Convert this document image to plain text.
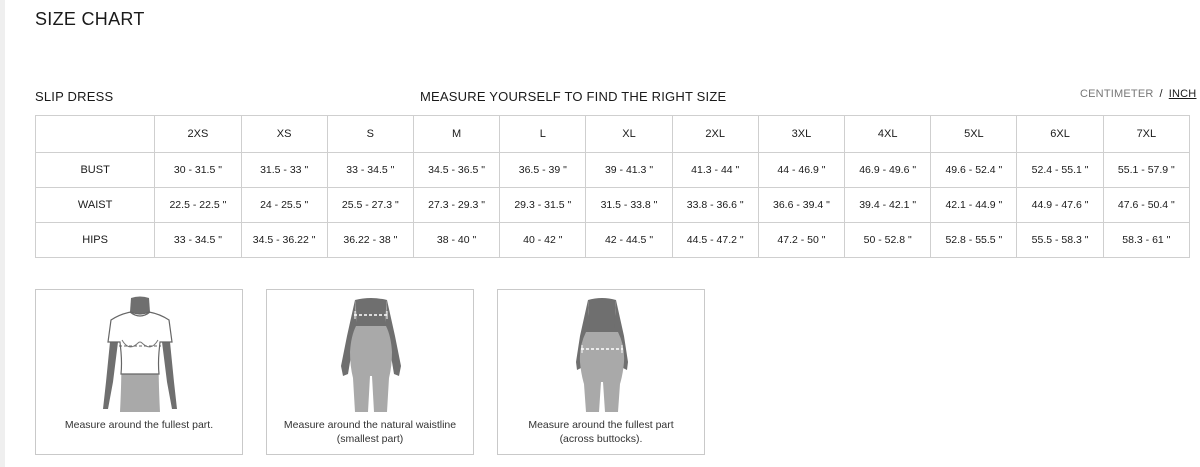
SIZE CHART
SLIP DRESS	MEASURE YOURSELF TO FIND THE RIGHT SIZE	CENTIMETER / INCH
	2XS	XS	S	M	L	XL	2XL	3XL	4XL	5XL	6XL	7XL
BUST	30 - 31.5 "	31.5 - 33 "	33 - 34.5 "	34.5 - 36.5 "	36.5 - 39 "	39 - 41.3 "	41.3 - 44 "	44 - 46.9 "	46.9 - 49.6 "	49.6 - 52.4 "	52.4 - 55.1 "	55.1 - 57.9 "
WAIST	22.5 - 22.5 "	24 - 25.5 "	25.5 - 27.3 "	27.3 - 29.3 "	29.3 - 31.5 "	31.5 - 33.8 "	33.8 - 36.6 "	36.6 - 39.4 "	39.4 - 42.1 "	42.1 - 44.9 "	44.9 - 47.6 "	47.6 - 50.4 "
HIPS	33 - 34.5 "	34.5 - 36.22 "	36.22 - 38 "	38 - 40 "	40 - 42 "	42 - 44.5 "	44.5 - 47.2 "	47.2 - 50 "	50 - 52.8 "	52.8 - 55.5 "	55.5 - 58.3 "	58.3 - 61 "
Measure around the fullest part.	Measure around the natural waistline
(smallest part)
Measure around the fullest part
(across buttocks).
